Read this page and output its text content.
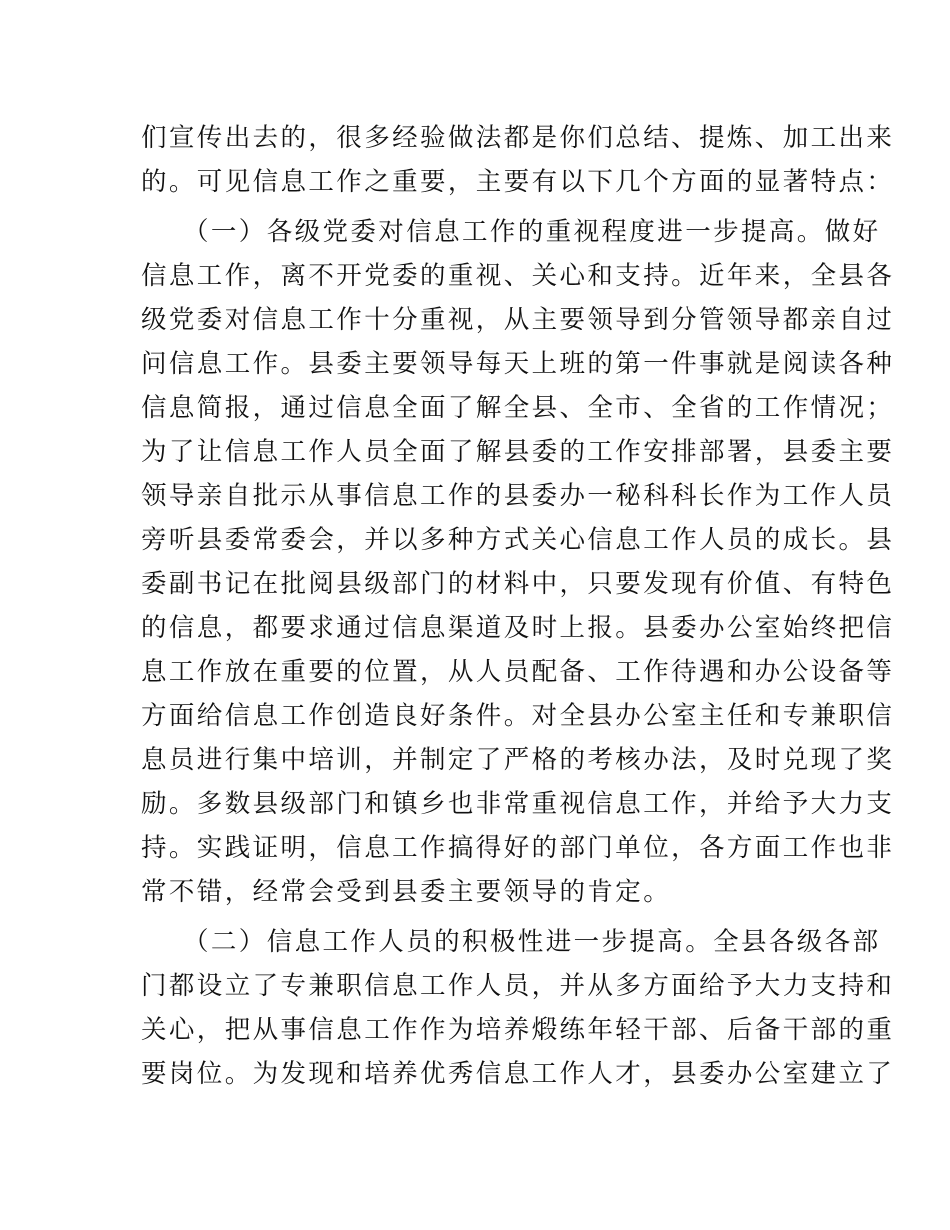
们宣传出去的，很多经验做法都是你们总结、提炼、加工出来
的。可见信息工作之重要，主要有以下几个方面的显著特点：
（一）各级党委对信息工作的重视程度进一步提高。做好
信息工作，离不开党委的重视、关心和支持。近年来，全县各
级党委对信息工作十分重视，从主要领导到分管领导都亲自过
问信息工作。县委主要领导每天上班的第一件事就是阅读各种
信息简报，通过信息全面了解全县、全市、全省的工作情况；
为了让信息工作人员全面了解县委的工作安排部署，县委主要
领导亲自批示从事信息工作的县委办一秘科科长作为工作人员
旁听县委常委会，并以多种方式关心信息工作人员的成长。县
委副书记在批阅县级部门的材料中，只要发现有价值、有特色
的信息，都要求通过信息渠道及时上报。县委办公室始终把信
息工作放在重要的位置，从人员配备、工作待遇和办公设备等
方面给信息工作创造良好条件。对全县办公室主任和专兼职信
息员进行集中培训，并制定了严格的考核办法，及时兑现了奖
励。多数县级部门和镇乡也非常重视信息工作，并给予大力支
持。实践证明，信息工作搞得好的部门单位，各方面工作也非
常不错，经常会受到县委主要领导的肯定。
（二）信息工作人员的积极性进一步提高。全县各级各部
门都设立了专兼职信息工作人员，并从多方面给予大力支持和
关心，把从事信息工作作为培养煅练年轻干部、后备干部的重
要岗位。为发现和培养优秀信息工作人才，县委办公室建立了
